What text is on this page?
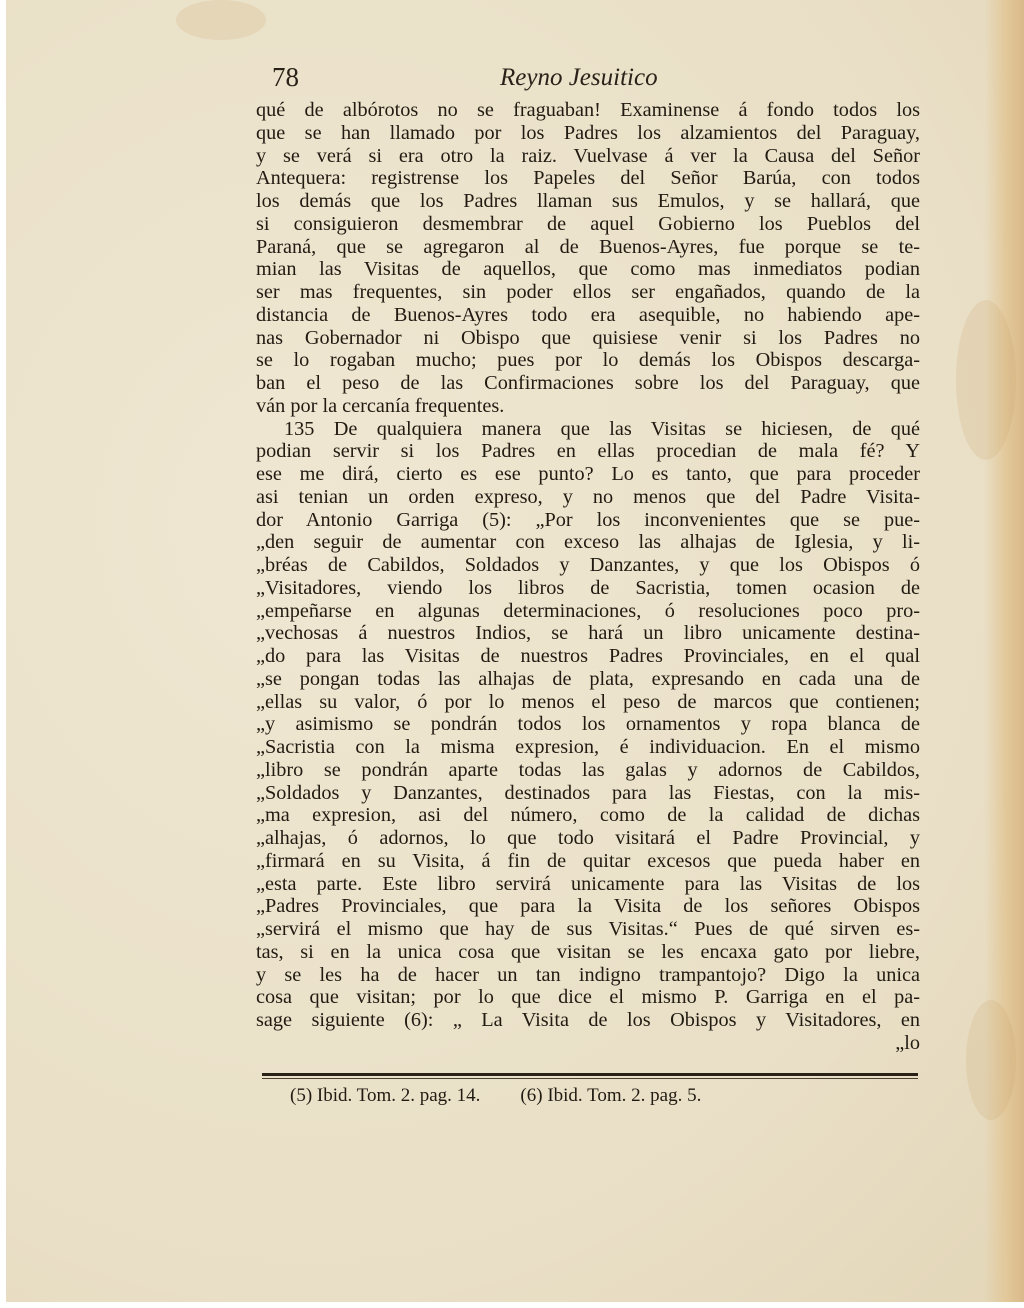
78	Reyno Jesuitico
qué de albórotos no se fraguaban! Examinense á fondo todos los
que se han llamado por los Padres los alzamientos del Paraguay,
y se verá si era otro la raiz. Vuelvase á ver la Causa del Señor
Antequera: registrense los Papeles del Señor Barúa, con todos
los demás que los Padres llaman sus Emulos, y se hallará, que
si consiguieron desmembrar de aquel Gobierno los Pueblos del
Paraná, que se agregaron al de Buenos-Ayres, fue porque se te-
mian las Visitas de aquellos, que como mas inmediatos podian
ser mas frequentes, sin poder ellos ser engañados, quando de la
distancia de Buenos-Ayres todo era asequible, no habiendo ape-
nas Gobernador ni Obispo que quisiese venir si los Padres no
se lo rogaban mucho; pues por lo demás los Obispos descarga-
ban el peso de las Confirmaciones sobre los del Paraguay, que
ván por la cercanía frequentes.
135 De qualquiera manera que las Visitas se hiciesen, de qué
podian servir si los Padres en ellas procedian de mala fé? Y
ese me dirá, cierto es ese punto? Lo es tanto, que para proceder
asi tenian un orden expreso, y no menos que del Padre Visita-
dor Antonio Garriga (5): „Por los inconvenientes que se pue-
„den seguir de aumentar con exceso las alhajas de Iglesia, y li-
„bréas de Cabildos, Soldados y Danzantes, y que los Obispos ó
„Visitadores, viendo los libros de Sacristia, tomen ocasion de
„empeñarse en algunas determinaciones, ó resoluciones poco pro-
„vechosas á nuestros Indios, se hará un libro unicamente destina-
„do para las Visitas de nuestros Padres Provinciales, en el qual
„se pongan todas las alhajas de plata, expresando en cada una de
„ellas su valor, ó por lo menos el peso de marcos que contienen;
„y asimismo se pondrán todos los ornamentos y ropa blanca de
„Sacristia con la misma expresion, é individuacion. En el mismo
„libro se pondrán aparte todas las galas y adornos de Cabildos,
„Soldados y Danzantes, destinados para las Fiestas, con la mis-
„ma expresion, asi del número, como de la calidad de dichas
„alhajas, ó adornos, lo que todo visitará el Padre Provincial, y
„firmará en su Visita, á fin de quitar excesos que pueda haber en
„esta parte. Este libro servirá unicamente para las Visitas de los
„Padres Provinciales, que para la Visita de los señores Obispos
„servirá el mismo que hay de sus Visitas.“ Pues de qué sirven es-
tas, si en la unica cosa que visitan se les encaxa gato por liebre,
y se les ha de hacer un tan indigno trampantojo? Digo la unica
cosa que visitan; por lo que dice el mismo P. Garriga en el pa-
sage siguiente (6): „ La Visita de los Obispos y Visitadores, en
„lo
(5) Ibid. Tom. 2. pag. 14. (6) Ibid. Tom. 2. pag. 5.
